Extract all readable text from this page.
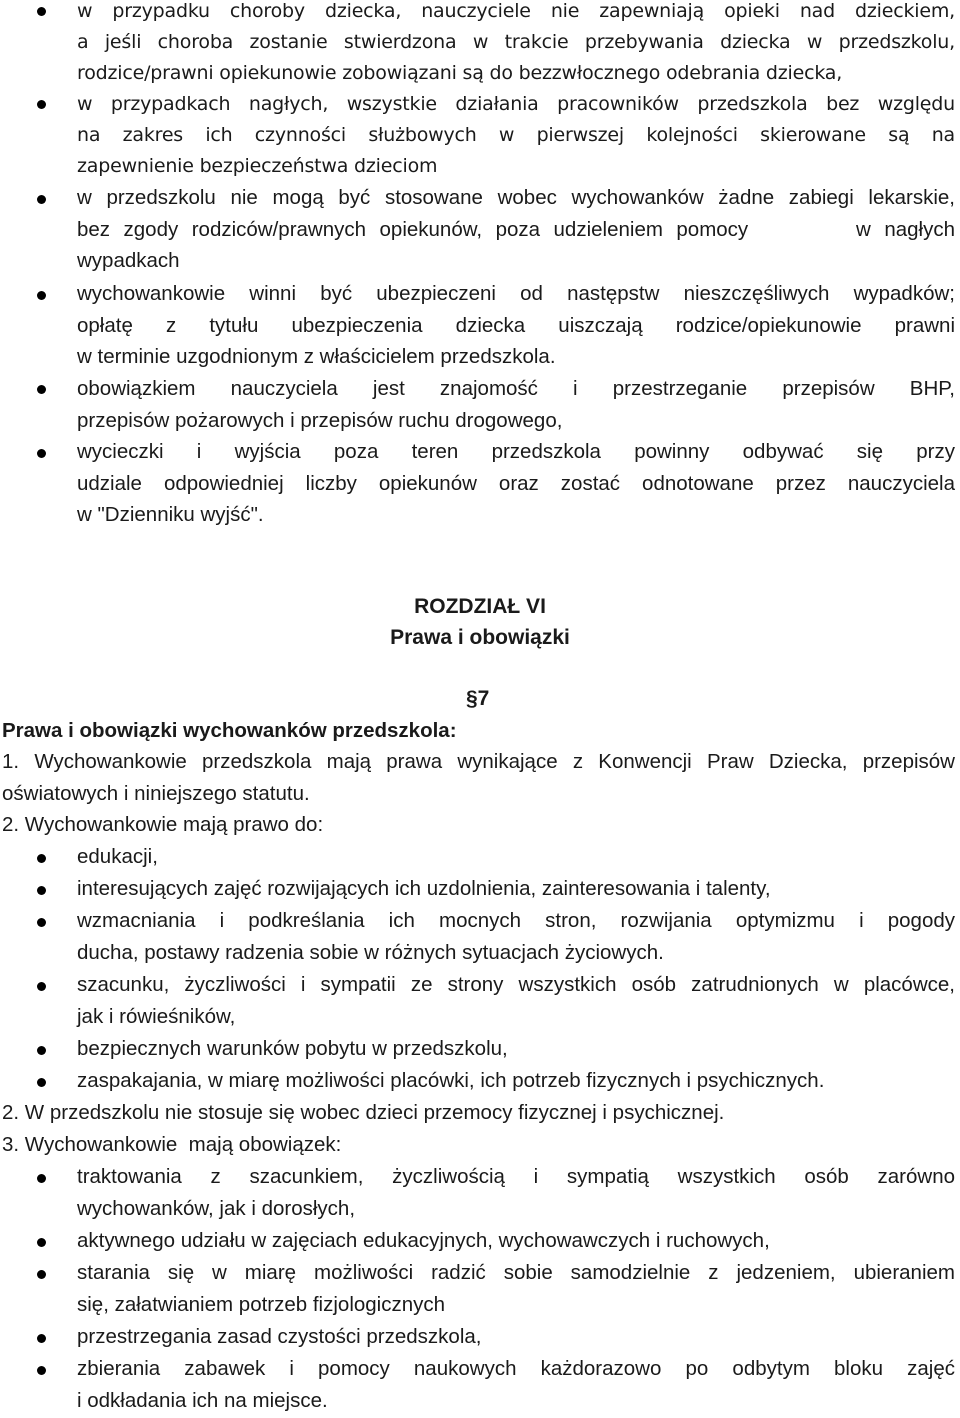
w przypadku choroby dziecka, nauczyciele nie zapewniają opieki nad dzieckiem,
a jeśli choroba zostanie stwierdzona w trakcie przebywania dziecka w przedszkolu,
rodzice/prawni opiekunowie zobowiązani są do bezzwłocznego odebrania dziecka,
w przypadkach nagłych, wszystkie działania pracowników przedszkola bez względu
na zakres ich czynności służbowych w pierwszej kolejności skierowane są na
zapewnienie bezpieczeństwa dzieciom
w przedszkolu nie mogą być stosowane wobec wychowanków żadne zabiegi lekarskie,
bez zgody rodziców/prawnych opiekunów, poza udzieleniem pomocy        w nagłych
wypadkach
wychowankowie winni być ubezpieczeni od następstw nieszczęśliwych wypadków;
opłatę z tytułu ubezpieczenia dziecka uiszczają rodzice/opiekunowie prawni
w terminie uzgodnionym z właścicielem przedszkola.
obowiązkiem nauczyciela jest znajomość i przestrzeganie przepisów BHP,
przepisów pożarowych i przepisów ruchu drogowego,
wycieczki i wyjścia poza teren przedszkola powinny odbywać się przy
udziale odpowiedniej liczby opiekunów oraz zostać odnotowane przez nauczyciela
w "Dzienniku wyjść".
ROZDZIAŁ VI
Prawa i obowiązki
§7
Prawa i obowiązki wychowanków przedszkola:
1. Wychowankowie przedszkola mają prawa wynikające z Konwencji Praw Dziecka, przepisów
oświatowych i niniejszego statutu.
2. Wychowankowie mają prawo do:
edukacji,
interesujących zajęć rozwijających ich uzdolnienia, zainteresowania i talenty,
wzmacniania i podkreślania ich mocnych stron, rozwijania optymizmu i pogody
ducha, postawy radzenia sobie w różnych sytuacjach życiowych.
szacunku, życzliwości i sympatii ze strony wszystkich osób zatrudnionych w placówce,
jak i rówieśników,
bezpiecznych warunków pobytu w przedszkolu,
zaspakajania, w miarę możliwości placówki, ich potrzeb fizycznych i psychicznych.
2. W przedszkolu nie stosuje się wobec dzieci przemocy fizycznej i psychicznej.
3. Wychowankowie  mają obowiązek:
traktowania z szacunkiem, życzliwością i sympatią wszystkich osób zarówno
wychowanków, jak i dorosłych,
aktywnego udziału w zajęciach edukacyjnych, wychowawczych i ruchowych,
starania się w miarę możliwości radzić sobie samodzielnie z jedzeniem, ubieraniem
się, załatwianiem potrzeb fizjologicznych
przestrzegania zasad czystości przedszkola,
zbierania zabawek i pomocy naukowych każdorazowo po odbytym bloku zajęć
i odkładania ich na miejsce.
